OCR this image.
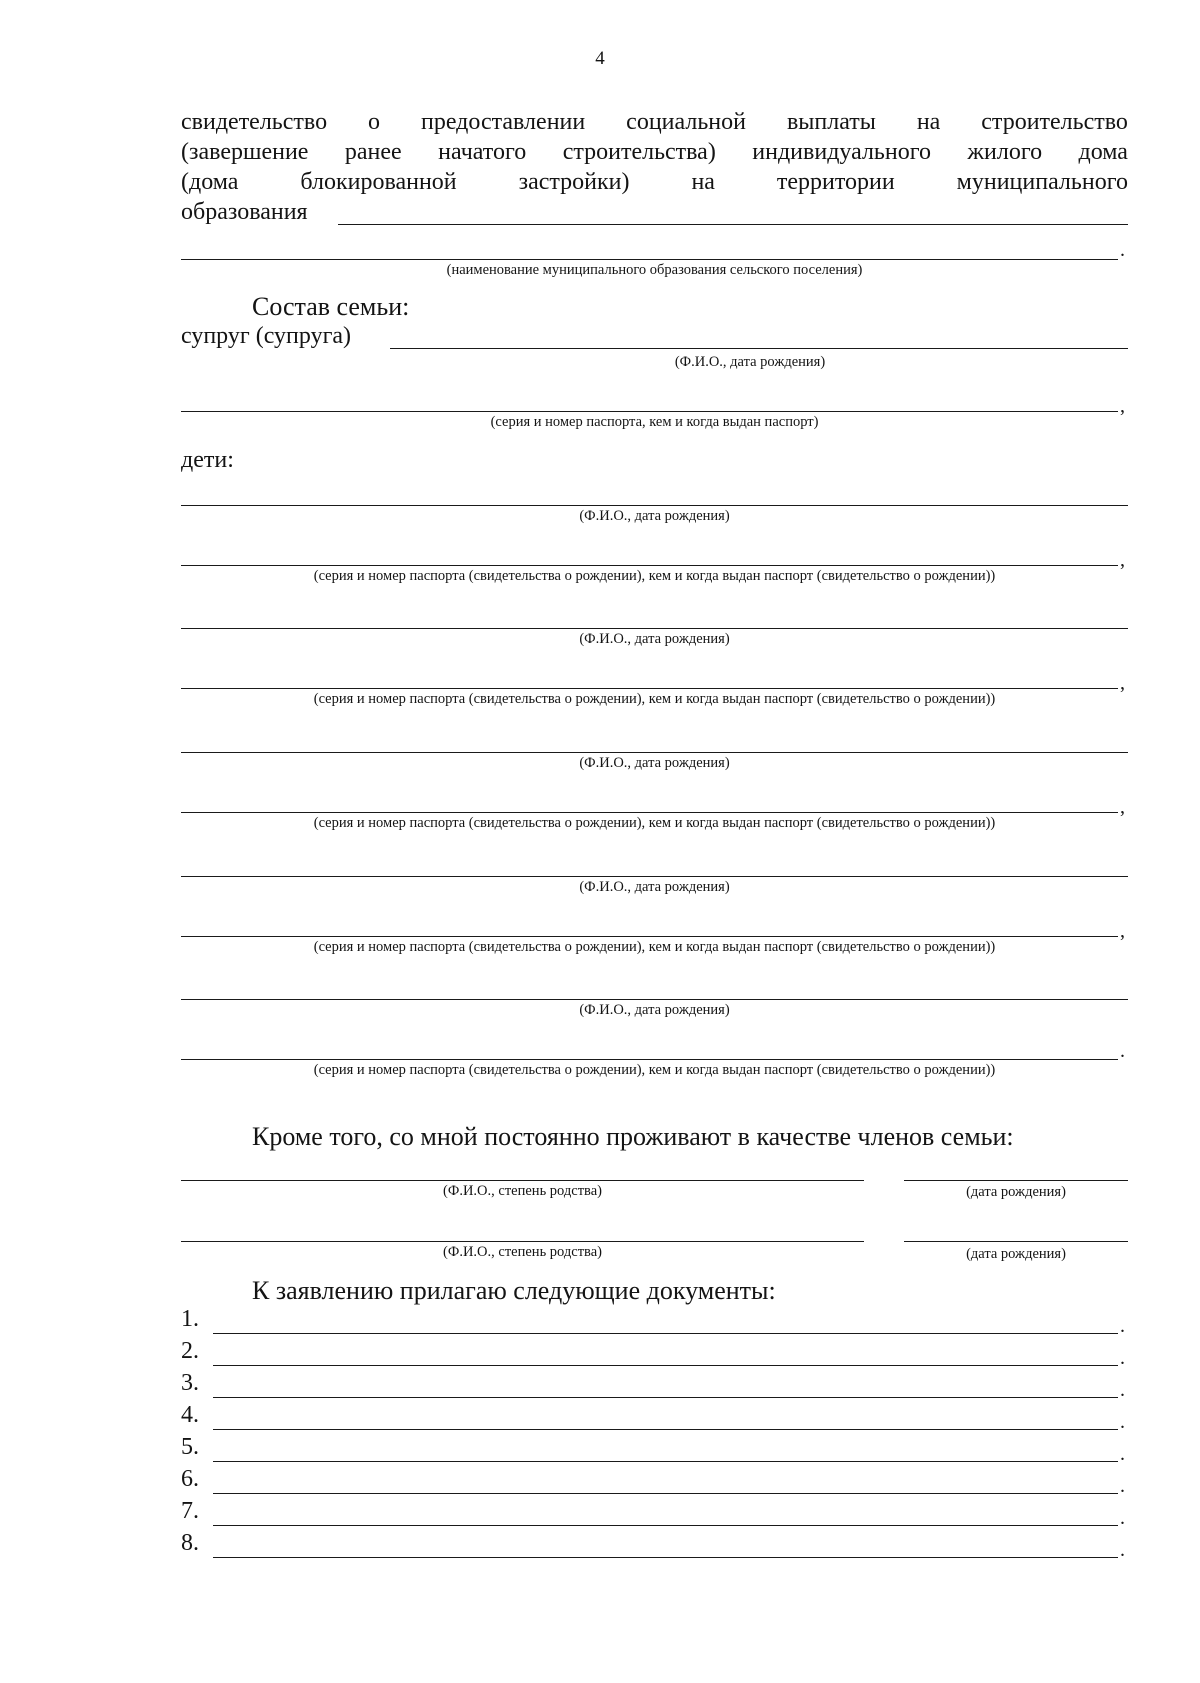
4
свидетельство о предоставлении социальной выплаты на строительство
(завершение ранее начатого строительства) индивидуального жилого дома
(дома	блокированной	застройки)	на	территории	муниципального
образования
.
(наименование муниципального образования сельского поселения)
Состав семьи:
супруг (супруга)
(Ф.И.О., дата рождения)
,
(серия и номер паспорта, кем и когда выдан паспорт)
дети:
(Ф.И.О., дата рождения)
,
(серия и номер паспорта (свидетельства о рождении), кем и когда выдан паспорт (свидетельство о рождении))
(Ф.И.О., дата рождения)
,
(серия и номер паспорта (свидетельства о рождении), кем и когда выдан паспорт (свидетельство о рождении))
(Ф.И.О., дата рождения)
,
(серия и номер паспорта (свидетельства о рождении), кем и когда выдан паспорт (свидетельство о рождении))
(Ф.И.О., дата рождения)
,
(серия и номер паспорта (свидетельства о рождении), кем и когда выдан паспорт (свидетельство о рождении))
(Ф.И.О., дата рождения)
.
(серия и номер паспорта (свидетельства о рождении), кем и когда выдан паспорт (свидетельство о рождении))
Кроме того, со мной постоянно проживают в качестве членов семьи:
(Ф.И.О., степень родства)	(дата рождения)
(Ф.И.О., степень родства)	(дата рождения)
К заявлению прилагаю следующие документы:
1.	.
2.	.
3.	.
4.	.
5.	.
6.	.
7.	.
8.	.
